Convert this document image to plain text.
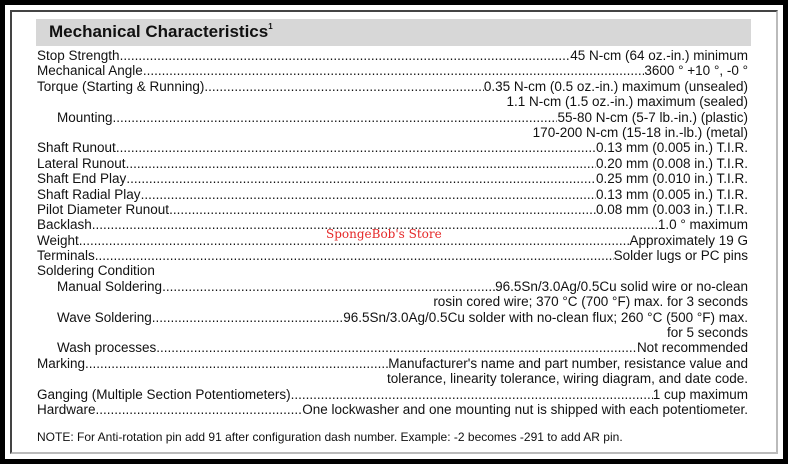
Mechanical Characteristics$^1$
Stop Strength .....	45 N-cm (64 oz.-in.) minimum
Mechanical Angle .....	3600 ° +10 °, -0 °
Torque (Starting & Running) .....	0.35 N-cm (0.5 oz.-in.) maximum (unsealed)
1.1 N-cm (1.5 oz.-in.) maximum (sealed)
Mounting .....	55-80 N-cm (5-7 lb.-in.) (plastic)
170-200 N-cm (15-18 in.-lb.) (metal)
Shaft Runout .....	0.13 mm (0.005 in.) T.I.R.
Lateral Runout .....	0.20 mm (0.008 in.) T.I.R.
Shaft End Play .....	0.25 mm (0.010 in.) T.I.R.
Shaft Radial Play .....	0.13 mm (0.005 in.) T.I.R.
Pilot Diameter Runout .....	0.08 mm (0.003 in.) T.I.R.
Backlash .....	1.0 ° maximum
Weight .....	Approximately 19 G
Terminals .....	Solder lugs or PC pins
Soldering Condition
Manual Soldering .....	96.5Sn/3.0Ag/0.5Cu solid wire or no-clean
rosin cored wire; 370 °C (700 °F) max. for 3 seconds
Wave Soldering .....	96.5Sn/3.0Ag/0.5Cu solder with no-clean flux; 260 °C (500 °F) max.
for 5 seconds
Wash processes .....	Not recommended
Marking .....	Manufacturer's name and part number, resistance value and
tolerance, linearity tolerance, wiring diagram, and date code.
Ganging (Multiple Section Potentiometers) .....	1 cup maximum
Hardware .....	One lockwasher and one mounting nut is shipped with each potentiometer.
NOTE: For Anti-rotation pin add 91 after configuration dash number. Example: -2 becomes -291 to add AR pin.
SpongeBob's Store
